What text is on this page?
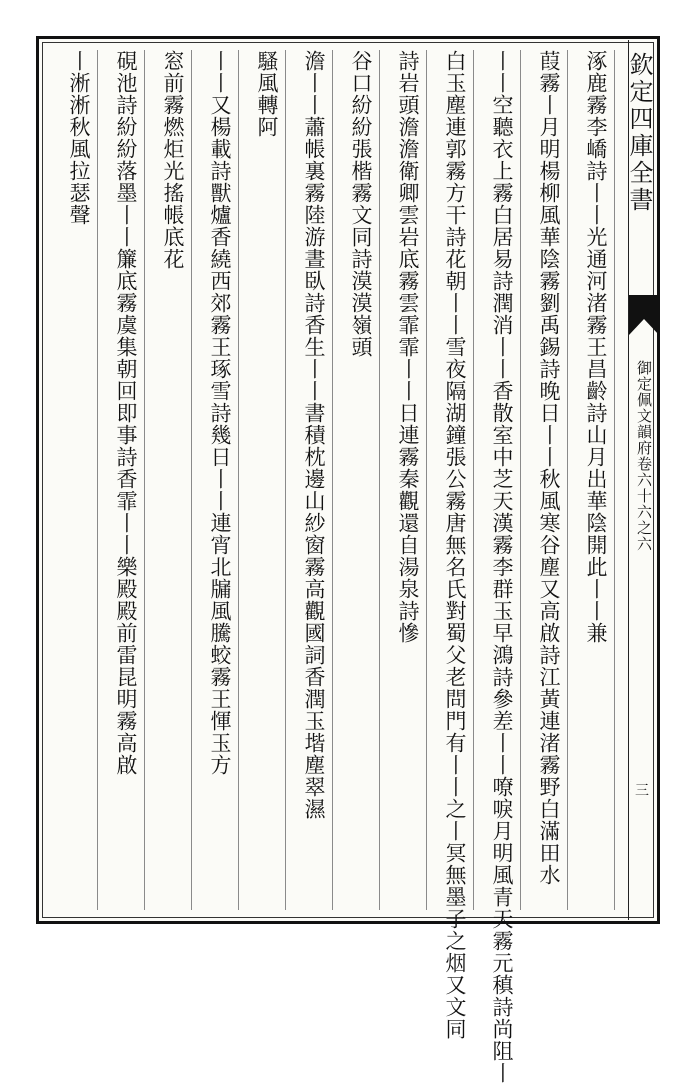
欽定四庫全書
御定佩文韻府卷六十六之六
三
涿鹿霧李嶠詩丨丨光通河渚霧王昌齡詩山月出華陰開此丨丨兼
葭霧丨月明楊柳風華陰霧劉禹錫詩晚日丨丨秋風寒谷塵又高啟詩江黃連渚霧野白滿田水
丨丨空聽衣上霧白居易詩潤消丨丨香散室中芝天漢霧李群玉早鴻詩參差丨丨嘹唳月明風青天霧元稹詩尚阻丨
白玉塵連郭霧方干詩花朝丨丨雪夜隔湖鐘張公霧唐無名氏對蜀父老問門有丨丨之丨冥無墨子之烟又文同
詩岩頭澹澹衛卿雲岩底霧雲霏霏丨丨日連霧秦觀還自湯泉詩慘
谷口紛紛張楷霧文同詩漠漠嶺頭
澹丨丨蕭帳裏霧陸游晝臥詩香生丨丨書積枕邊山紗窗霧高觀國詞香潤玉堦塵翠濕
騷風轉阿
丨丨又楊載詩獸爐香繞西郊霧王琢雪詩幾日丨丨連宵北牖風騰蛟霧王惲玉方
窓前霧燃炬光搖帳底花
硯池詩紛紛落墨丨丨簾底霧虞集朝回即事詩香霏丨丨樂殿殿前雷昆明霧高啟
丨淅淅秋風拉瑟聲
